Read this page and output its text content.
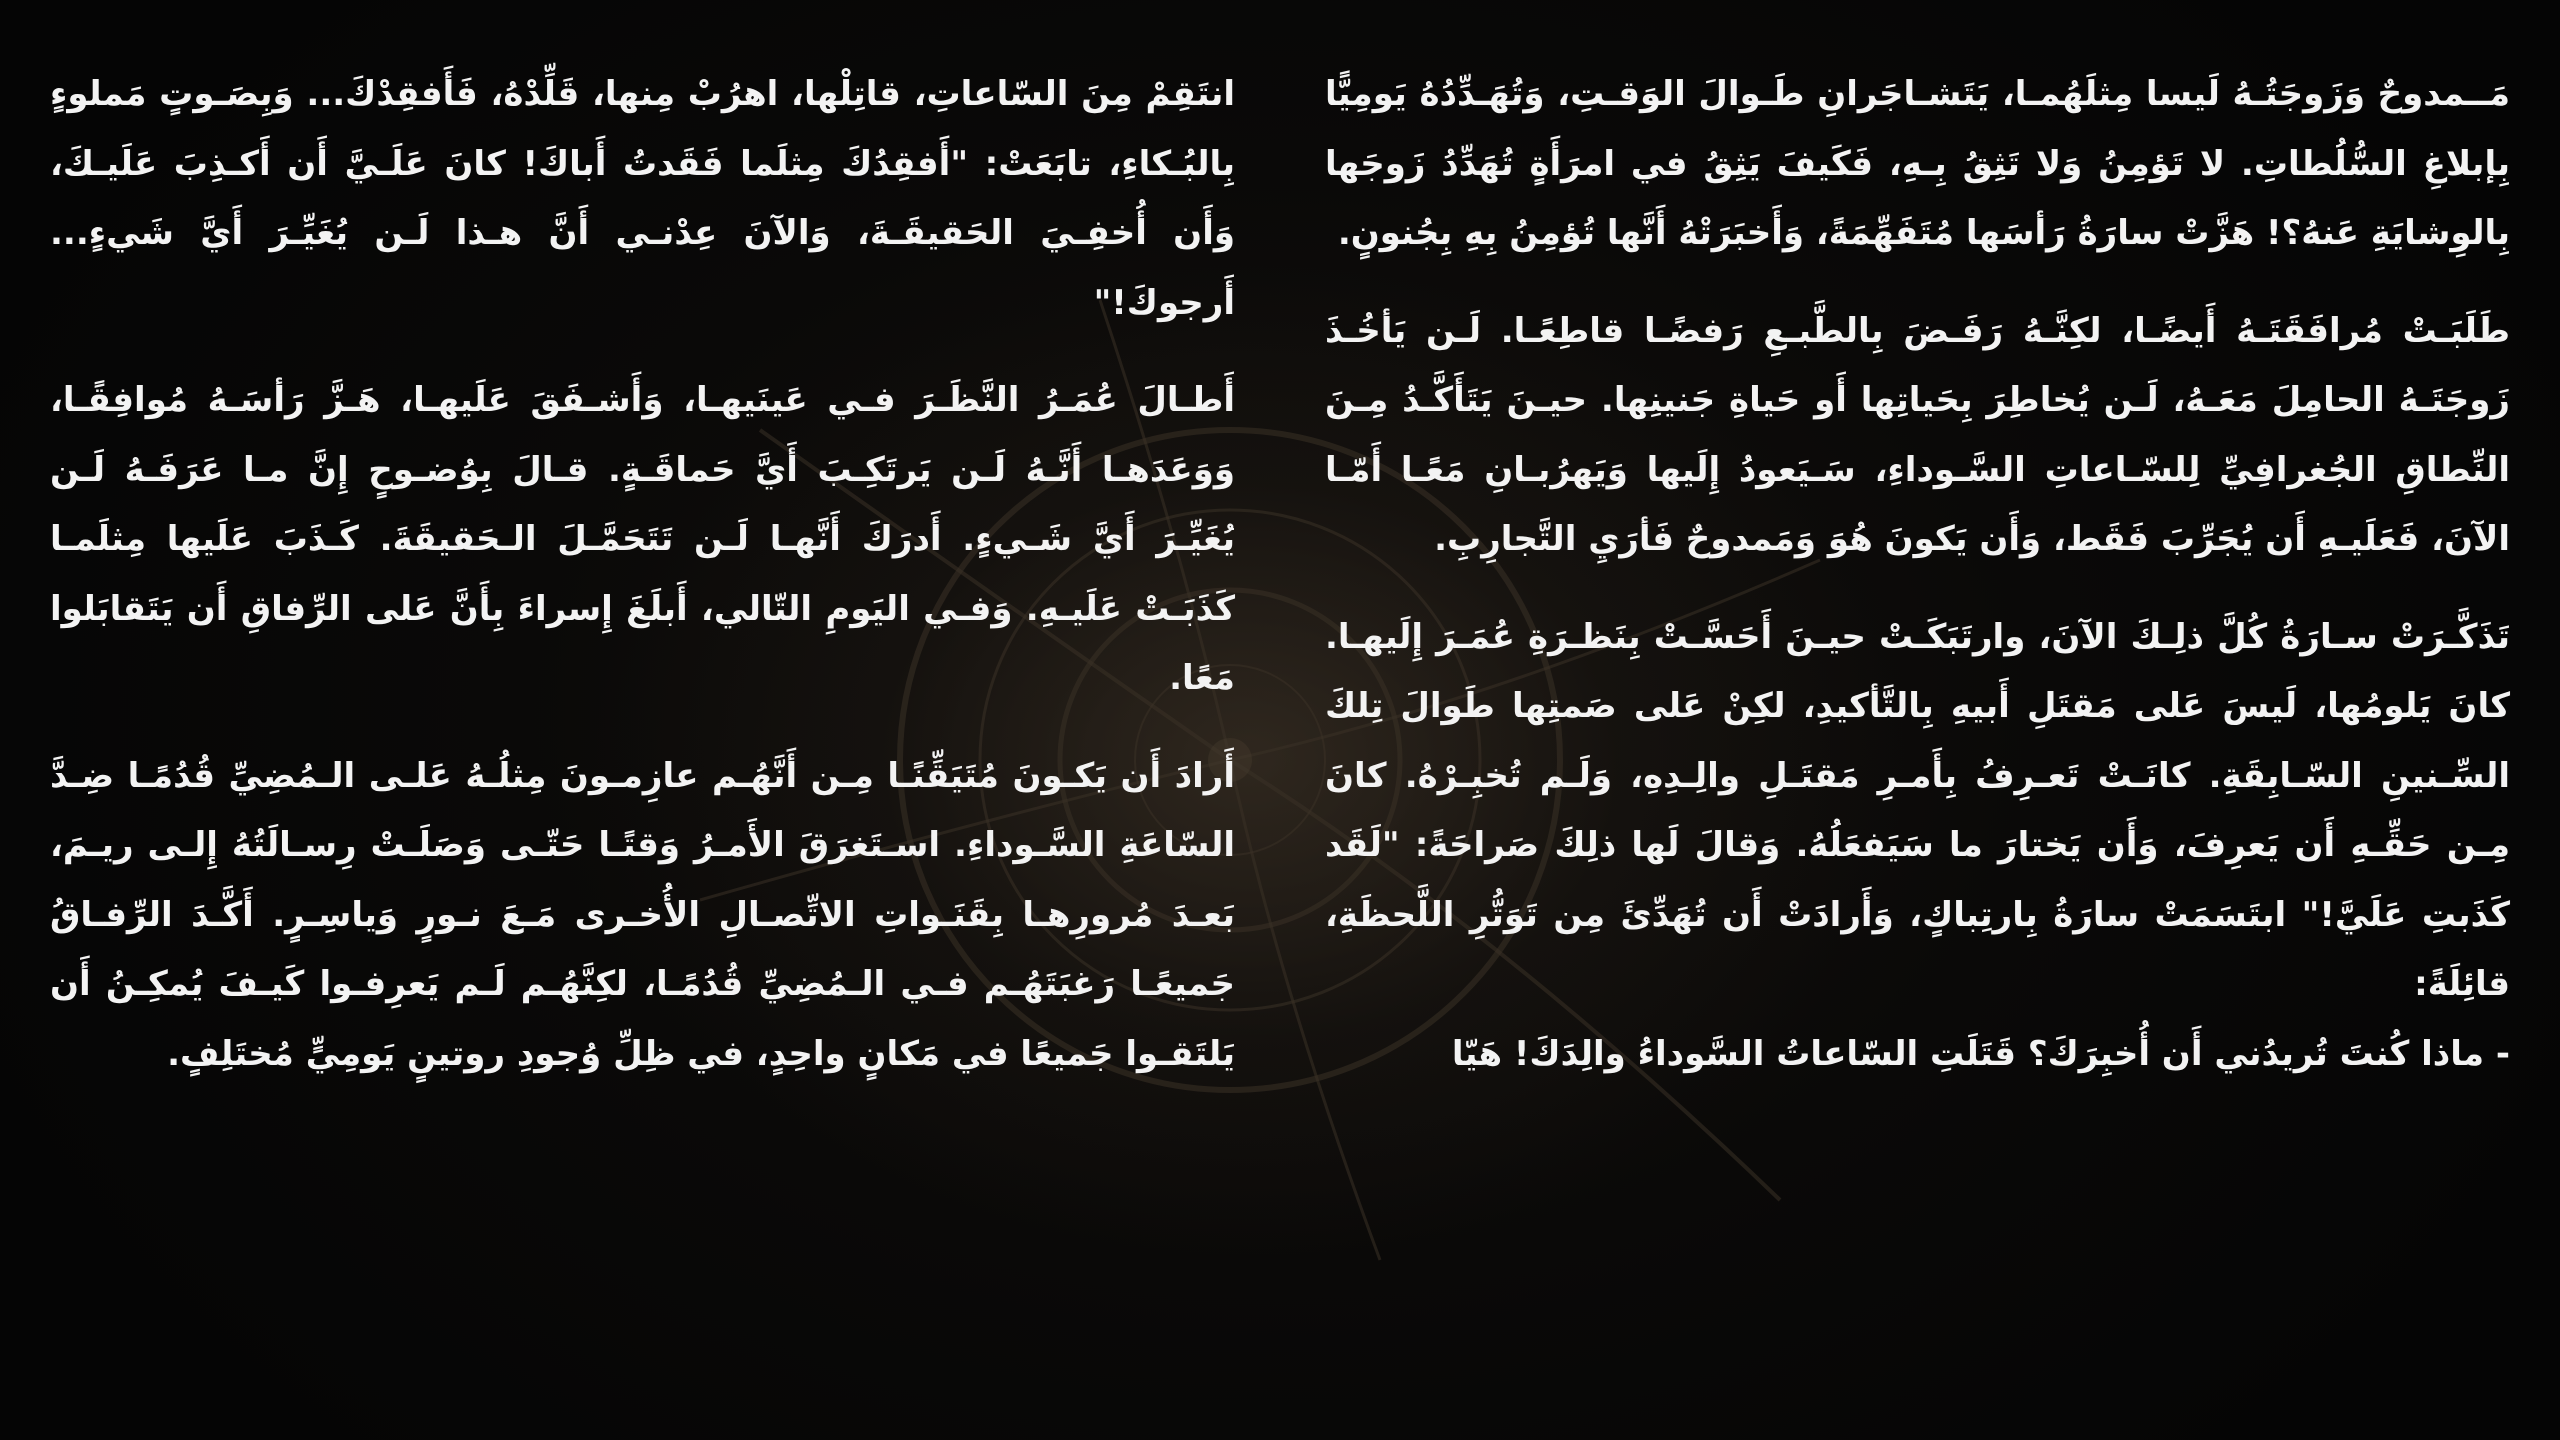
مَــمدوحٌ وَزَوجَتُـهُ لَيسا مِثلَهُمـا، يَتَشـاجَرانِ طَـوالَ الوَقـتِ، وَتُهَـدِّدُهُ يَومِيًّا بِإبلاغِ السُّلُطاتِ. لا تَؤمِنُ وَلا تَثِقُ بِـهِ، فَكَيفَ يَثِقُ في امرَأَةٍ تُهَدِّدُ زَوجَها بِالوِشايَةِ عَنهُ؟! هَزَّتْ سارَةُ رَأسَها مُتَفَهِّمَةً، وَأَخبَرَتْهُ أَنَّها تُؤمِنُ بِهِ بِجُنونٍ.

طَلَبَـتْ مُرافَقَتَـهُ أَيضًـا، لكِنَّـهُ رَفَـضَ بِالطَّبـعِ رَفضًـا قاطِعًـا. لَـن يَأخُـذَ زَوجَتَـهُ الحامِلَ مَعَـهُ، لَـن يُخاطِرَ بِحَياتِها أَو حَياةِ جَنينِها. حيـنَ يَتَأَكَّـدُ مِـنَ النِّطاقِ الجُغرافِيِّ لِلسّـاعاتِ السَّـوداءِ، سَـيَعودُ إِلَيها وَيَهرُبـانِ مَعًـا أَمّـا الآنَ، فَعَلَيـهِ أَن يُجَرِّبَ فَقَط، وَأَن يَكونَ هُوَ وَمَمدوحٌ فَأرَيِ التَّجارِبِ.

تَذَكَّـرَتْ سـارَةُ كُلَّ ذلِـكَ الآنَ، وارتَبَكَـتْ حيـنَ أَحَسَّـتْ بِنَظـرَةِ عُمَـرَ إِلَيهـا. كانَ يَلومُها، لَيسَ عَلى مَقتَلِ أَبيهِ بِالتَّأكيدِ، لكِنْ عَلى صَمتِها طَوالَ تِلكَ السِّـنينِ السّـابِقَةِ. كانَـتْ تَعـرِفُ بِأَمـرِ مَقتَـلِ والِـدِهِ، وَلَـم تُخبِـرْهُ. كانَ مِـن حَقِّـهِ أَن يَعرِفَ، وَأَن يَختارَ ما سَيَفعَلُهُ. وَقالَ لَها ذلِكَ صَراحَةً: "لَقَد كَذَبتِ عَلَيَّ!" ابتَسَمَتْ سارَةُ بِارتِباكٍ، وَأَرادَتْ أَن تُهَدِّئَ مِن تَوَتُّرِ اللَّحظَةِ، قائِلَةً:

- ماذا كُنتَ تُريدُني أَن أُخبِرَكَ؟ قَتَلَتِ السّاعاتُ السَّوداءُ والِدَكَ! هَيّا

انتَقِمْ مِنَ السّاعاتِ، قاتِلْها، اهرُبْ مِنها، قَلِّدْهُ، فَأَفقِدْكَ... وَبِصَـوتٍ مَملوءٍ بِالبُـكاءِ، تابَعَتْ: "أَفقِدُكَ مِثلَما فَقَدتُ أَباكَ! كانَ عَلَـيَّ أَن أَكـذِبَ عَلَيـكَ، وَأَن أُخفِـيَ الحَقيقَـةَ، وَالآنَ عِدْنـي أَنَّ هـذا لَـن يُغَيِّـرَ أَيَّ شَيءٍ... أَرجوكَ!"

أَطـالَ عُمَـرُ النَّظَـرَ فـي عَينَيهـا، وَأَشـفَقَ عَلَيهـا، هَـزَّ رَأسَـهُ مُوافِقًـا، وَوَعَدَهـا أَنَّـهُ لَـن يَرتَكِـبَ أَيَّ حَماقَـةٍ. قـالَ بِوُضـوحٍ إِنَّ مـا عَرَفَـهُ لَـن يُغَيِّـرَ أَيَّ شَـيءٍ. أَدرَكَ أَنَّهـا لَـن تَتَحَمَّـلَ الـحَقيقَةَ. كَـذَبَ عَلَيها مِثلَمـا كَذَبَـتْ عَلَيـهِ. وَفـي اليَومِ التّالي، أَبلَغَ إِسراءَ بِأَنَّ عَلى الرِّفاقِ أَن يَتَقابَلوا مَعًا.

أَرادَ أَن يَكـونَ مُتَيَقِّنًـا مِـن أَنَّهُـم عازِمـونَ مِثلُـهُ عَلـى الـمُضِيِّ قُدُمًـا ضِـدَّ السّاعَةِ السَّـوداءِ. اسـتَغرَقَ الأَمـرُ وَقتًـا حَتّـى وَصَلَـتْ رِسـالَتُهُ إِلـى ريـمَ، بَعـدَ مُرورِهـا بِقَنَـواتِ الاتِّصـالِ الأُخـرى مَـعَ نـورٍ وَياسِـرٍ. أَكَّـدَ الرِّفـاقُ جَميعًـا رَغبَتَهُـم فـي الـمُضِيِّ قُدُمًـا، لكِنَّهُـم لَـم يَعرِفـوا كَيـفَ يُمكِـنُ أَن يَلتَقـوا جَميعًا في مَكانٍ واحِدٍ، في ظِلِّ وُجودِ روتينٍ يَومِيٍّ مُختَلِفٍ.
